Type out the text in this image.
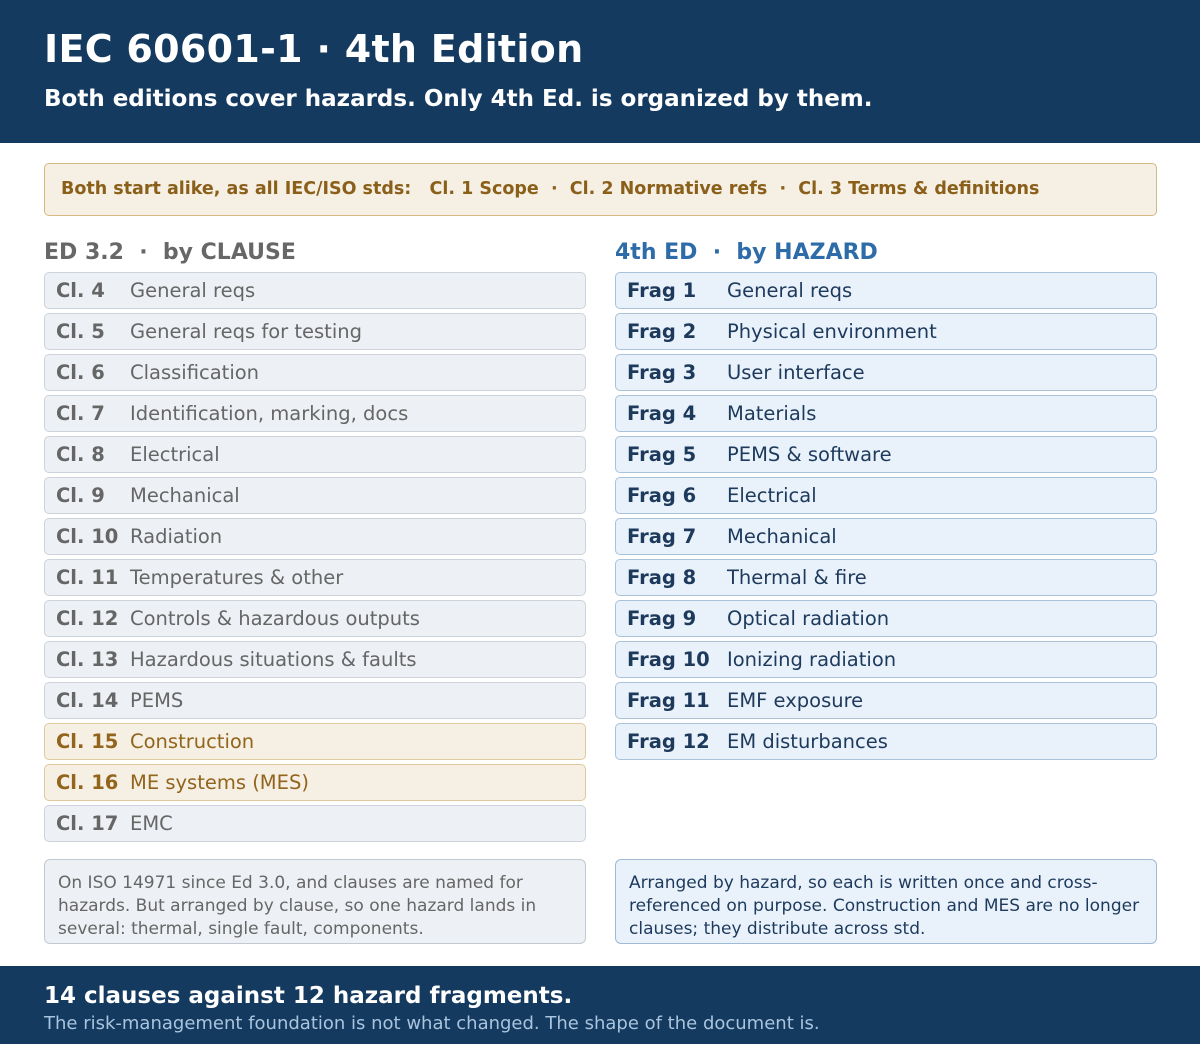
IEC 60601-1 · 4th Edition
Both editions cover hazards. Only 4th Ed. is organized by them.
Both start alike, as all IEC/ISO stds:   Cl. 1 Scope  ·  Cl. 2 Normative refs  ·  Cl. 3 Terms & definitions
ED 3.2  ·  by CLAUSE	4th ED  ·  by HAZARD
Cl. 4 General reqs
Cl. 5 General reqs for testing
Cl. 6 Classification
Cl. 7 Identification, marking, docs
Cl. 8 Electrical
Cl. 9 Mechanical
Cl. 10 Radiation
Cl. 11 Temperatures & other
Cl. 12 Controls & hazardous outputs
Cl. 13 Hazardous situations & faults
Cl. 14 PEMS
Cl. 15 Construction
Cl. 16 ME systems (MES)
Cl. 17 EMC
Frag 1 General reqs
Frag 2 Physical environment
Frag 3 User interface
Frag 4 Materials
Frag 5 PEMS & software
Frag 6 Electrical
Frag 7 Mechanical
Frag 8 Thermal & fire
Frag 9 Optical radiation
Frag 10 Ionizing radiation
Frag 11 EMF exposure
Frag 12 EM disturbances
On ISO 14971 since Ed 3.0, and clauses are named for hazards. But arranged by clause, so one hazard lands in several: thermal, single fault, components.
Arranged by hazard, so each is written once and cross-referenced on purpose. Construction and MES are no longer clauses; they distribute across std.
14 clauses against 12 hazard fragments.
The risk-management foundation is not what changed. The shape of the document is.
